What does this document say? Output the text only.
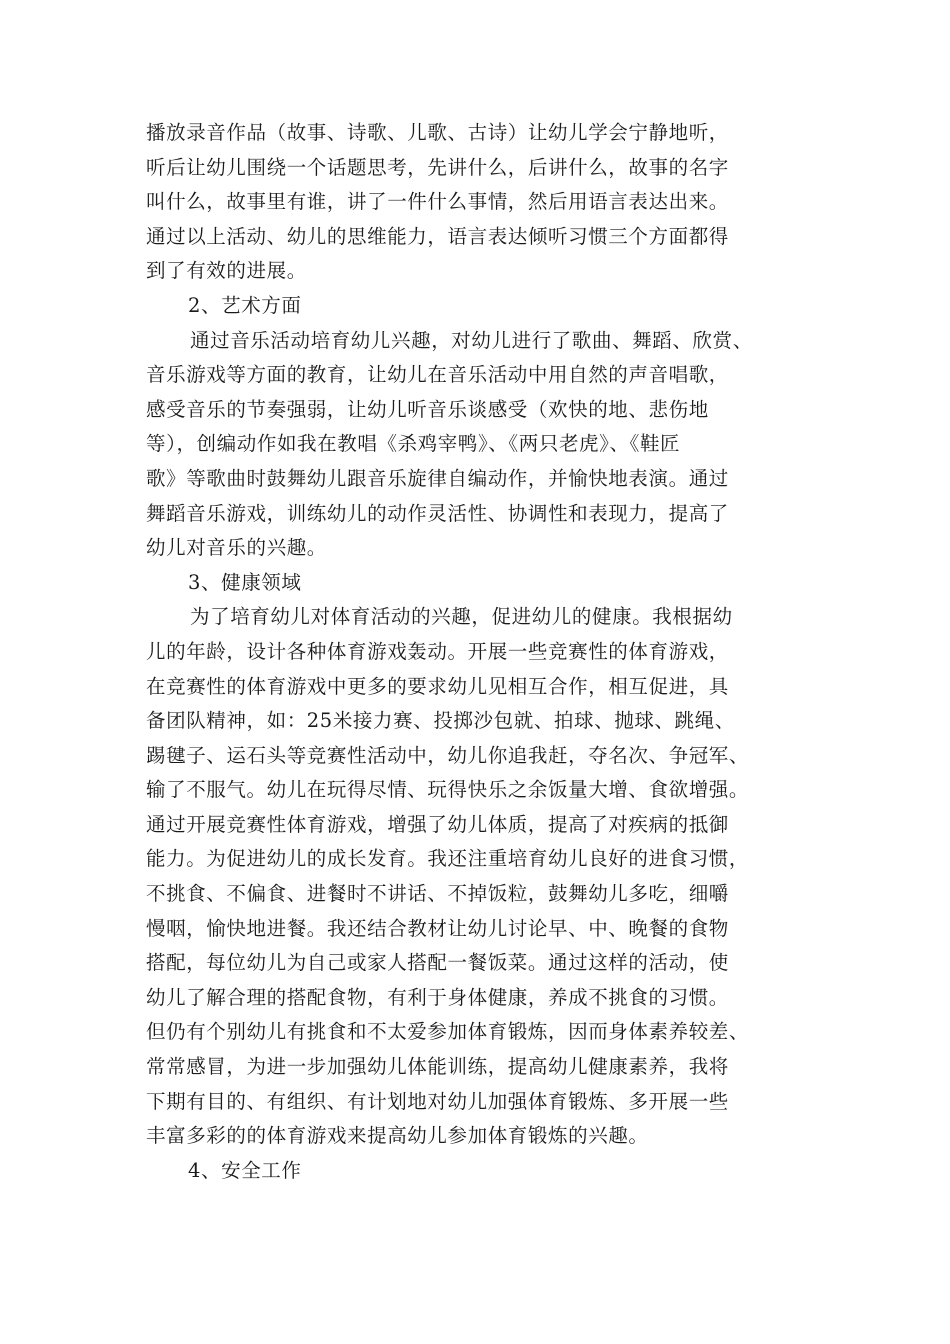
播放录音作品（故事、诗歌、儿歌、古诗）让幼儿学会宁静地听，
听后让幼儿围绕一个话题思考，先讲什么，后讲什么，故事的名字
叫什么，故事里有谁，讲了一件什么事情，然后用语言表达出来。
通过以上活动、幼儿的思维能力，语言表达倾听习惯三个方面都得
到了有效的进展。
2、艺术方面
通过音乐活动培育幼儿兴趣，对幼儿进行了歌曲、舞蹈、欣赏、
音乐游戏等方面的教育，让幼儿在音乐活动中用自然的声音唱歌，
感受音乐的节奏强弱，让幼儿听音乐谈感受（欢快的地、悲伤地
等），创编动作如我在教唱《杀鸡宰鸭》、《两只老虎》、《鞋匠
歌》等歌曲时鼓舞幼儿跟音乐旋律自编动作，并愉快地表演。通过
舞蹈音乐游戏，训练幼儿的动作灵活性、协调性和表现力，提高了
幼儿对音乐的兴趣。
3、健康领域
为了培育幼儿对体育活动的兴趣，促进幼儿的健康。我根据幼
儿的年龄，设计各种体育游戏轰动。开展一些竞赛性的体育游戏，
在竞赛性的体育游戏中更多的要求幼儿见相互合作，相互促进，具
备团队精神，如：25米接力赛、投掷沙包就、拍球、抛球、跳绳、
踢毽子、运石头等竞赛性活动中，幼儿你追我赶，夺名次、争冠军、
输了不服气。幼儿在玩得尽情、玩得快乐之余饭量大增、食欲增强。
通过开展竞赛性体育游戏，增强了幼儿体质，提高了对疾病的抵御
能力。为促进幼儿的成长发育。我还注重培育幼儿良好的进食习惯，
不挑食、不偏食、进餐时不讲话、不掉饭粒，鼓舞幼儿多吃，细嚼
慢咽，愉快地进餐。我还结合教材让幼儿讨论早、中、晚餐的食物
搭配，每位幼儿为自己或家人搭配一餐饭菜。通过这样的活动，使
幼儿了解合理的搭配食物，有利于身体健康，养成不挑食的习惯。
但仍有个别幼儿有挑食和不太爱参加体育锻炼，因而身体素养较差、
常常感冒，为进一步加强幼儿体能训练，提高幼儿健康素养，我将
下期有目的、有组织、有计划地对幼儿加强体育锻炼、多开展一些
丰富多彩的的体育游戏来提高幼儿参加体育锻炼的兴趣。
4、安全工作
